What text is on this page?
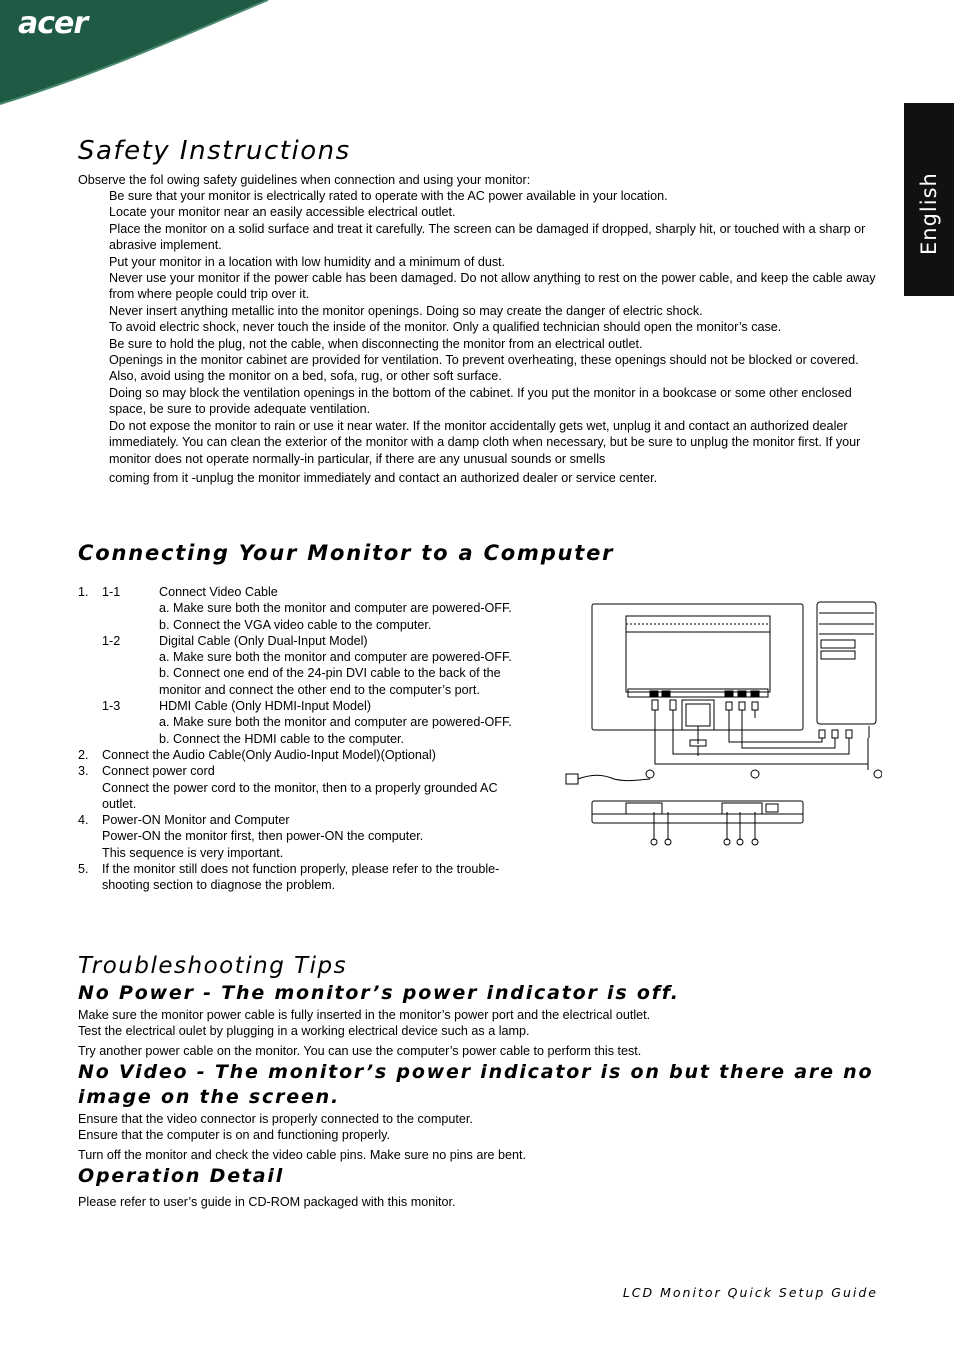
acer
English
Safety Instructions
Observe the fol owing safety guidelines when connection and using your monitor:
Be sure that your monitor is electrically rated to operate with the AC power available in your location.
Locate your monitor near an easily accessible electrical outlet.
Place the monitor on a solid surface and treat it carefully. The screen can be damaged if dropped, sharply hit, or touched with a sharp or abrasive implement.
Put your monitor in a location with low humidity and a minimum of dust.
Never use your monitor if the power cable has been damaged. Do not allow anything to rest on the power cable, and keep the cable away from where people could trip over it.
Never insert anything metallic into the monitor openings. Doing so may create the danger of electric shock.
To avoid electric shock, never touch the inside of the monitor. Only a qualified technician should open the monitor’s case.
Be sure to hold the plug, not the cable, when disconnecting the monitor from an electrical outlet.
Openings in the monitor cabinet are provided for ventilation. To prevent overheating, these openings should not be blocked or covered. Also, avoid using the monitor on a bed, sofa, rug, or other soft surface.
Doing so may block the ventilation openings in the bottom of the cabinet. If you put the monitor in a bookcase or some other enclosed space, be sure to provide adequate ventilation.
Do not expose the monitor to rain or use it near water. If the monitor accidentally gets wet, unplug it and contact an authorized dealer immediately. You can clean the exterior of the monitor with a damp cloth when necessary, but be sure to unplug the monitor first. If your monitor does not operate normally-in particular, if there are any unusual sounds or smells
coming from it -unplug the monitor immediately and contact an authorized dealer or service center.
Connecting Your Monitor to a Computer
1. 1-1	Connect Video Cable
a. Make sure both the monitor and computer are powered-OFF.
b. Connect the VGA video cable to the computer.
1-2	Digital Cable (Only Dual-Input Model)
a. Make sure both the monitor and computer are powered-OFF.
b. Connect one end of the 24-pin DVI cable to the back of the
monitor and connect the other end to the computer’s port.
1-3	HDMI Cable (Only HDMI-Input Model)
a. Make sure both the monitor and computer are powered-OFF.
b. Connect the HDMI cable to the computer.
2. Connect the Audio Cable(Only Audio-Input Model)(Optional)
3. Connect power cord
Connect the power cord to the monitor, then to a properly grounded AC
outlet.
4. Power-ON Monitor and Computer
Power-ON the monitor first, then power-ON the computer.
This sequence is very important.
5. If the monitor still does not function properly, please refer to the trouble-
shooting section to diagnose the problem.
Troubleshooting Tips
No Power - The monitor’s power indicator is off.
Make sure the monitor power cable is fully inserted in the monitor’s power port and the electrical outlet.
Test the electrical oulet by plugging in a working electrical device such as a lamp.
Try another power cable on the monitor. You can use the computer’s power cable to perform this test.
No Video - The monitor’s power indicator is on but there are no
image on the screen.
Ensure that the video connector is properly connected to the computer.
Ensure that the computer is on and functioning properly.
Turn off the monitor and check the video cable pins. Make sure no pins are bent.
Operation Detail
Please refer to user’s guide in CD-ROM packaged with this monitor.
LCD Monitor Quick Setup Guide
